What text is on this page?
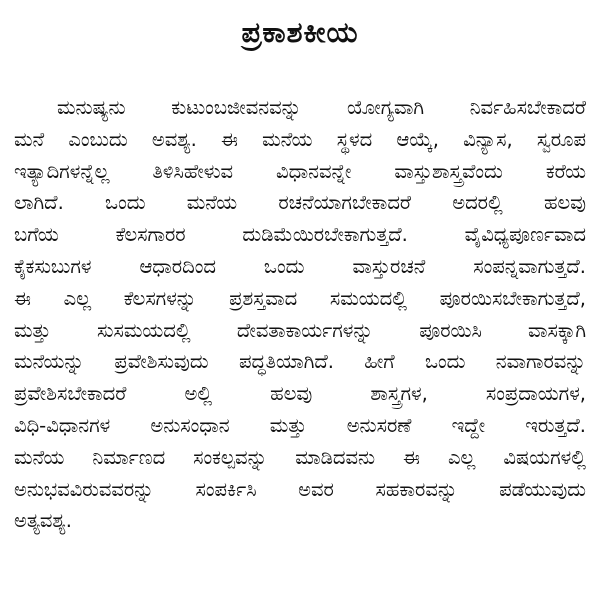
ಪ್ರಕಾಶಕೀಯ
ಮನುಷ್ಯನು ಕುಟುಂಬಜೀವನವನ್ನು ಯೋಗ್ಯವಾಗಿ ನಿರ್ವಹಿಸಬೇಕಾದರೆ
ಮನೆ ಎಂಬುದು ಅವಶ್ಯ. ಈ ಮನೆಯ ಸ್ಥಳದ ಆಯ್ಕೆ, ವಿನ್ಯಾಸ, ಸ್ವರೂಪ
ಇತ್ಯಾದಿಗಳನ್ನೆಲ್ಲ ತಿಳಿಸಿಹೇಳುವ ವಿಧಾನವನ್ನೇ ವಾಸ್ತುಶಾಸ್ತ್ರವೆಂದು ಕರೆಯ
ಲಾಗಿದೆ. ಒಂದು ಮನೆಯ ರಚನೆಯಾಗಬೇಕಾದರೆ ಅದರಲ್ಲಿ ಹಲವು
ಬಗೆಯ ಕೆಲಸಗಾರರ ದುಡಿಮೆಯಿರಬೇಕಾಗುತ್ತದೆ. ವೈವಿಧ್ಯಪೂರ್ಣವಾದ
ಕೈಕಸುಬುಗಳ ಆಧಾರದಿಂದ ಒಂದು ವಾಸ್ತುರಚನೆ ಸಂಪನ್ನವಾಗುತ್ತದೆ.
ಈ ಎಲ್ಲ ಕೆಲಸಗಳನ್ನು ಪ್ರಶಸ್ತವಾದ ಸಮಯದಲ್ಲಿ ಪೂರಯಿಸಬೇಕಾಗುತ್ತದೆ,
ಮತ್ತು ಸುಸಮಯದಲ್ಲಿ ದೇವತಾಕಾರ್ಯಗಳನ್ನು ಪೂರಯಿಸಿ ವಾಸಕ್ಕಾಗಿ
ಮನೆಯನ್ನು ಪ್ರವೇಶಿಸುವುದು ಪದ್ಧತಿಯಾಗಿದೆ. ಹೀಗೆ ಒಂದು ನವಾಗಾರವನ್ನು
ಪ್ರವೇಶಿಸಬೇಕಾದರೆ ಅಲ್ಲಿ ಹಲವು ಶಾಸ್ತ್ರಗಳ, ಸಂಪ್ರದಾಯಗಳ,
ವಿಧಿ-ವಿಧಾನಗಳ ಅನುಸಂಧಾನ ಮತ್ತು ಅನುಸರಣೆ ಇದ್ದೇ ಇರುತ್ತದೆ.
ಮನೆಯ ನಿರ್ಮಾಣದ ಸಂಕಲ್ಪವನ್ನು ಮಾಡಿದವನು ಈ ಎಲ್ಲ ವಿಷಯಗಳಲ್ಲಿ
ಅನುಭವವಿರುವವರನ್ನು ಸಂಪರ್ಕಿಸಿ ಅವರ ಸಹಕಾರವನ್ನು ಪಡೆಯುವುದು
ಅತ್ಯವಶ್ಯ.
